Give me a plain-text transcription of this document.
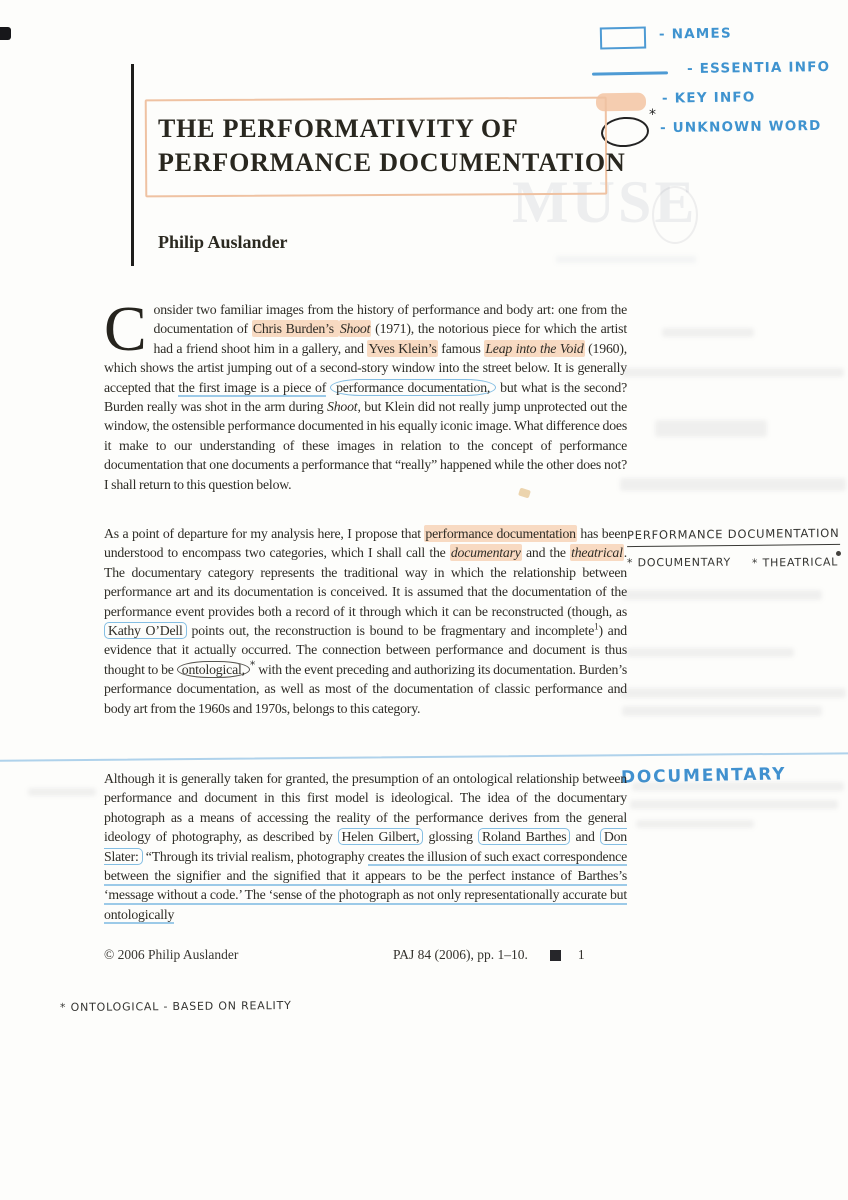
MUSE
- NAMES
- ESSENTIA INFO
- KEY INFO
*
- UNKNOWN WORD
THE PERFORMATIVITY OF
PERFORMANCE DOCUMENTATION
Philip Auslander
Consider two familiar images from the history of performance and body art: one from the documentation of Chris Burden’s Shoot (1971), the notorious piece for which the artist had a friend shoot him in a gallery, and Yves Klein’s famous Leap into the Void (1960), which shows the artist jumping out of a second-story window into the street below. It is generally accepted that the first image is a piece of performance documentation, but what is the second? Burden really was shot in the arm during Shoot, but Klein did not really jump unprotected out the window, the ostensible performance documented in his equally iconic image. What difference does it make to our understanding of these images in relation to the concept of performance documentation that one documents a performance that “really” happened while the other does not? I shall return to this question below.
As a point of departure for my analysis here, I propose that performance documentation has been understood to encompass two categories, which I shall call the documentary and the theatrical. The documentary category represents the traditional way in which the relationship between performance art and its documentation is conceived. It is assumed that the documentation of the performance event provides both a record of it through which it can be reconstructed (though, as Kathy O’Dell points out, the reconstruction is bound to be fragmentary and incomplete$^1$) and evidence that it actually occurred. The connection between performance and document is thus thought to be ontological, * with the event preceding and authorizing its documentation. Burden’s performance documentation, as well as most of the documentation of classic performance and body art from the 1960s and 1970s, belongs to this category.
PERFORMANCE DOCUMENTATION
* DOCUMENTARY * THEATRICAL
DOCUMENTARY
Although it is generally taken for granted, the presumption of an ontological relationship between performance and document in this first model is ideological. The idea of the documentary photograph as a means of accessing the reality of the performance derives from the general ideology of photography, as described by Helen Gilbert, glossing Roland Barthes and Don Slater: “Through its trivial realism, photography creates the illusion of such exact correspondence between the signifier and the signified that it appears to be the perfect instance of Barthes’s ‘message without a code.’ The ‘sense of the photograph as not only representationally accurate but ontologically
© 2006 Philip Auslander	PAJ 84 (2006), pp. 1–10.	1
* ONTOLOGICAL - BASED ON REALITY
